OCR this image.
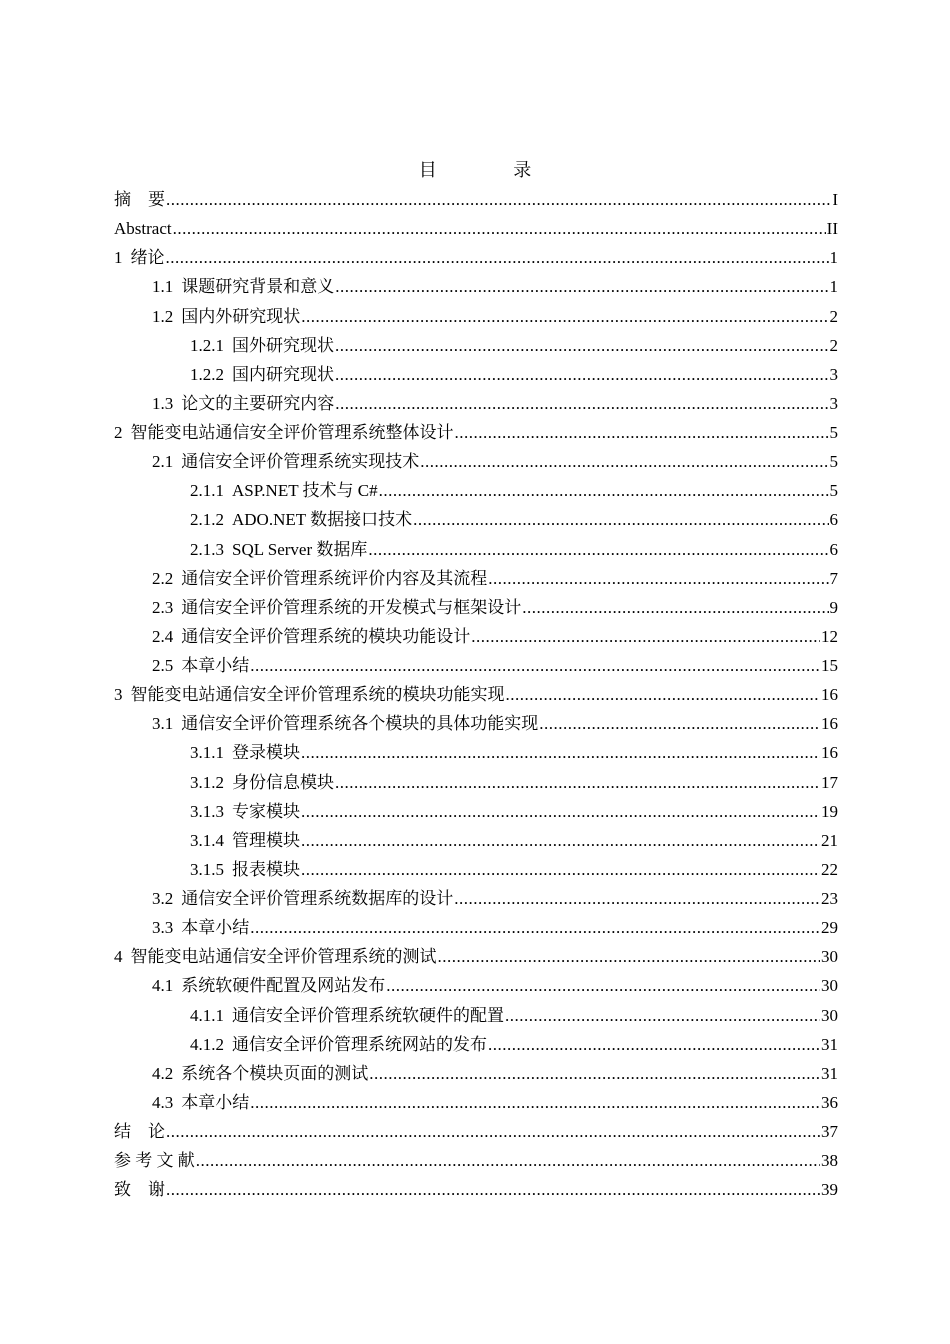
目 录
摘　要 .....	I
Abstract .....	II
1 绪论 .....	1
1.1 课题研究背景和意义 .....	1
1.2 国内外研究现状 .....	2
1.2.1 国外研究现状 .....	2
1.2.2 国内研究现状 .....	3
1.3 论文的主要研究内容 .....	3
2 智能变电站通信安全评价管理系统整体设计 .....	5
2.1 通信安全评价管理系统实现技术 .....	5
2.1.1 ASP.NET 技术与 C# .....	5
2.1.2 ADO.NET 数据接口技术 .....	6
2.1.3 SQL Server 数据库 .....	6
2.2 通信安全评价管理系统评价内容及其流程 .....	7
2.3 通信安全评价管理系统的开发模式与框架设计 .....	9
2.4 通信安全评价管理系统的模块功能设计 .....	12
2.5 本章小结 .....	15
3 智能变电站通信安全评价管理系统的模块功能实现 .....	16
3.1 通信安全评价管理系统各个模块的具体功能实现 .....	16
3.1.1 登录模块 .....	16
3.1.2 身份信息模块 .....	17
3.1.3 专家模块 .....	19
3.1.4 管理模块 .....	21
3.1.5 报表模块 .....	22
3.2 通信安全评价管理系统数据库的设计 .....	23
3.3 本章小结 .....	29
4 智能变电站通信安全评价管理系统的测试 .....	30
4.1 系统软硬件配置及网站发布 .....	30
4.1.1 通信安全评价管理系统软硬件的配置 .....	30
4.1.2 通信安全评价管理系统网站的发布 .....	31
4.2 系统各个模块页面的测试 .....	31
4.3 本章小结 .....	36
结　论 .....	37
参 考 文 献 .....	38
致　谢 .....	39
